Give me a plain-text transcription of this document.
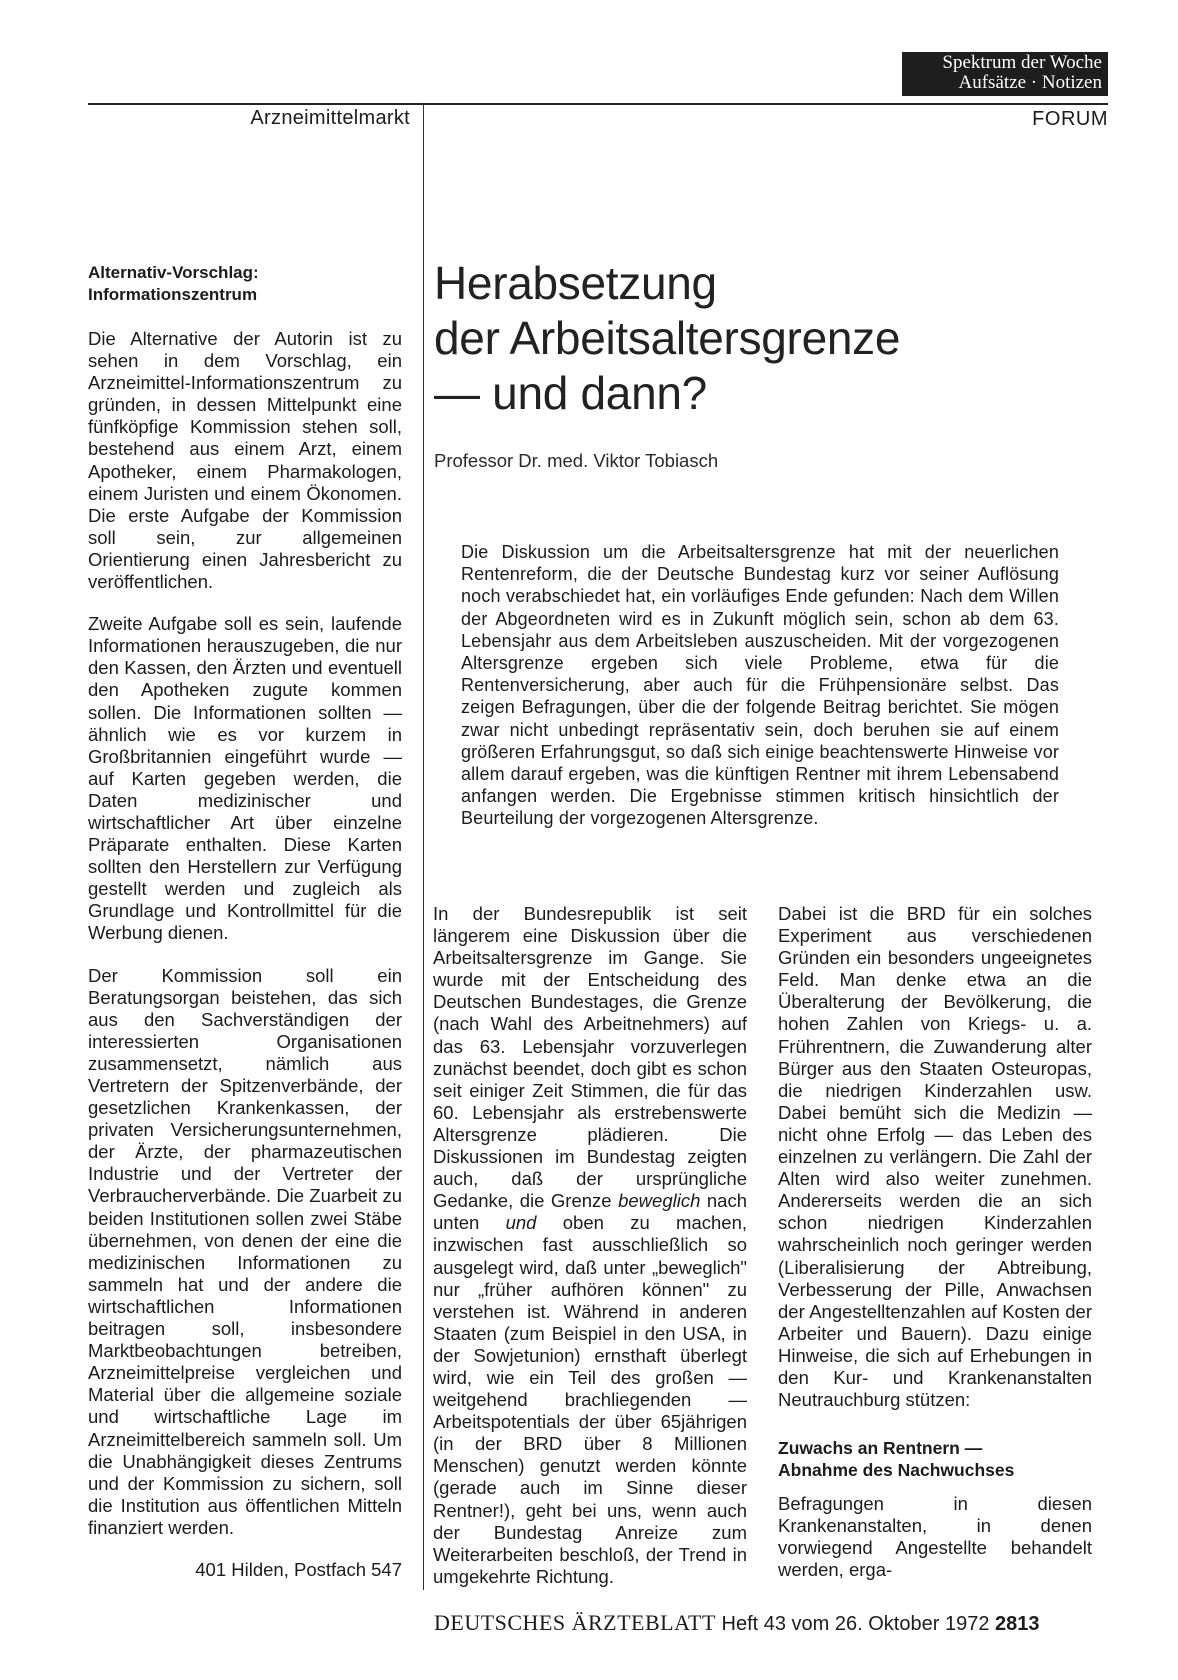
Spektrum der Woche
Aufsätze · Notizen
Arzneimittelmarkt	FORUM

Alternativ-Vorschlag:
Informationszentrum

Die Alternative der Autorin ist zu sehen in dem Vorschlag, ein Arzneimittel-Informationszentrum zu gründen, in dessen Mittelpunkt eine fünfköpfige Kommission stehen soll, bestehend aus einem Arzt, einem Apotheker, einem Pharmakologen, einem Juristen und einem Ökonomen. Die erste Aufgabe der Kommission soll sein, zur allgemeinen Orientierung einen Jahresbericht zu veröffentlichen.

Zweite Aufgabe soll es sein, laufende Informationen herauszugeben, die nur den Kassen, den Ärzten und eventuell den Apotheken zugute kommen sollen. Die Informationen sollten — ähnlich wie es vor kurzem in Großbritannien eingeführt wurde — auf Karten gegeben werden, die Daten medizinischer und wirtschaftlicher Art über einzelne Präparate enthalten. Diese Karten sollten den Herstellern zur Verfügung gestellt werden und zugleich als Grundlage und Kontrollmittel für die Werbung dienen.

Der Kommission soll ein Beratungsorgan beistehen, das sich aus den Sachverständigen der interessierten Organisationen zusammensetzt, nämlich aus Vertretern der Spitzenverbände, der gesetzlichen Krankenkassen, der privaten Versicherungsunternehmen, der Ärzte, der pharmazeutischen Industrie und der Vertreter der Verbraucherverbände. Die Zuarbeit zu beiden Institutionen sollen zwei Stäbe übernehmen, von denen der eine die medizinischen Informationen zu sammeln hat und der andere die wirtschaftlichen Informationen beitragen soll, insbesondere Marktbeobachtungen betreiben, Arzneimittelpreise vergleichen und Material über die allgemeine soziale und wirtschaftliche Lage im Arzneimittelbereich sammeln soll. Um die Unabhängigkeit dieses Zentrums und der Kommission zu sichern, soll die Institution aus öffentlichen Mitteln finanziert werden.

401 Hilden, Postfach 547

Herabsetzung
der Arbeitsaltersgrenze
— und dann?
Professor Dr. med. Viktor Tobiasch

Die Diskussion um die Arbeitsaltersgrenze hat mit der neuerlichen Rentenreform, die der Deutsche Bundestag kurz vor seiner Auflösung noch verabschiedet hat, ein vorläufiges Ende gefunden: Nach dem Willen der Abgeordneten wird es in Zukunft möglich sein, schon ab dem 63. Lebensjahr aus dem Arbeitsleben auszuscheiden. Mit der vorgezogenen Altersgrenze ergeben sich viele Probleme, etwa für die Rentenversicherung, aber auch für die Frühpensionäre selbst. Das zeigen Befragungen, über die der folgende Beitrag berichtet. Sie mögen zwar nicht unbedingt repräsentativ sein, doch beruhen sie auf einem größeren Erfahrungsgut, so daß sich einige beachtenswerte Hinweise vor allem darauf ergeben, was die künftigen Rentner mit ihrem Lebensabend anfangen werden. Die Ergebnisse stimmen kritisch hinsichtlich der Beurteilung der vorgezogenen Altersgrenze.

In der Bundesrepublik ist seit längerem eine Diskussion über die Arbeitsaltersgrenze im Gange. Sie wurde mit der Entscheidung des Deutschen Bundestages, die Grenze (nach Wahl des Arbeitnehmers) auf das 63. Lebensjahr vorzuverlegen zunächst beendet, doch gibt es schon seit einiger Zeit Stimmen, die für das 60. Lebensjahr als erstrebenswerte Altersgrenze plädieren. Die Diskussionen im Bundestag zeigten auch, daß der ursprüngliche Gedanke, die Grenze beweglich nach unten und oben zu machen, inzwischen fast ausschließlich so ausgelegt wird, daß unter „beweglich" nur „früher aufhören können" zu verstehen ist. Während in anderen Staaten (zum Beispiel in den USA, in der Sowjetunion) ernsthaft überlegt wird, wie ein Teil des großen — weitgehend brachliegenden — Arbeitspotentials der über 65jährigen (in der BRD über 8 Millionen Menschen) genutzt werden könnte (gerade auch im Sinne dieser Rentner!), geht bei uns, wenn auch der Bundestag Anreize zum Weiterarbeiten beschloß, der Trend in umgekehrte Richtung.

Dabei ist die BRD für ein solches Experiment aus verschiedenen Gründen ein besonders ungeeignetes Feld. Man denke etwa an die Überalterung der Bevölkerung, die hohen Zahlen von Kriegs- u. a. Frührentnern, die Zuwanderung alter Bürger aus den Staaten Osteuropas, die niedrigen Kinderzahlen usw. Dabei bemüht sich die Medizin — nicht ohne Erfolg — das Leben des einzelnen zu verlängern. Die Zahl der Alten wird also weiter zunehmen. Andererseits werden die an sich schon niedrigen Kinderzahlen wahrscheinlich noch geringer werden (Liberalisierung der Abtreibung, Verbesserung der Pille, Anwachsen der Angestelltenzahlen auf Kosten der Arbeiter und Bauern). Dazu einige Hinweise, die sich auf Erhebungen in den Kur- und Krankenanstalten Neutrauchburg stützen:

Zuwachs an Rentnern —
Abnahme des Nachwuchses

Befragungen in diesen Krankenanstalten, in denen vorwiegend Angestellte behandelt werden, erga-

DEUTSCHES ÄRZTEBLATT Heft 43 vom 26. Oktober 1972 2813
